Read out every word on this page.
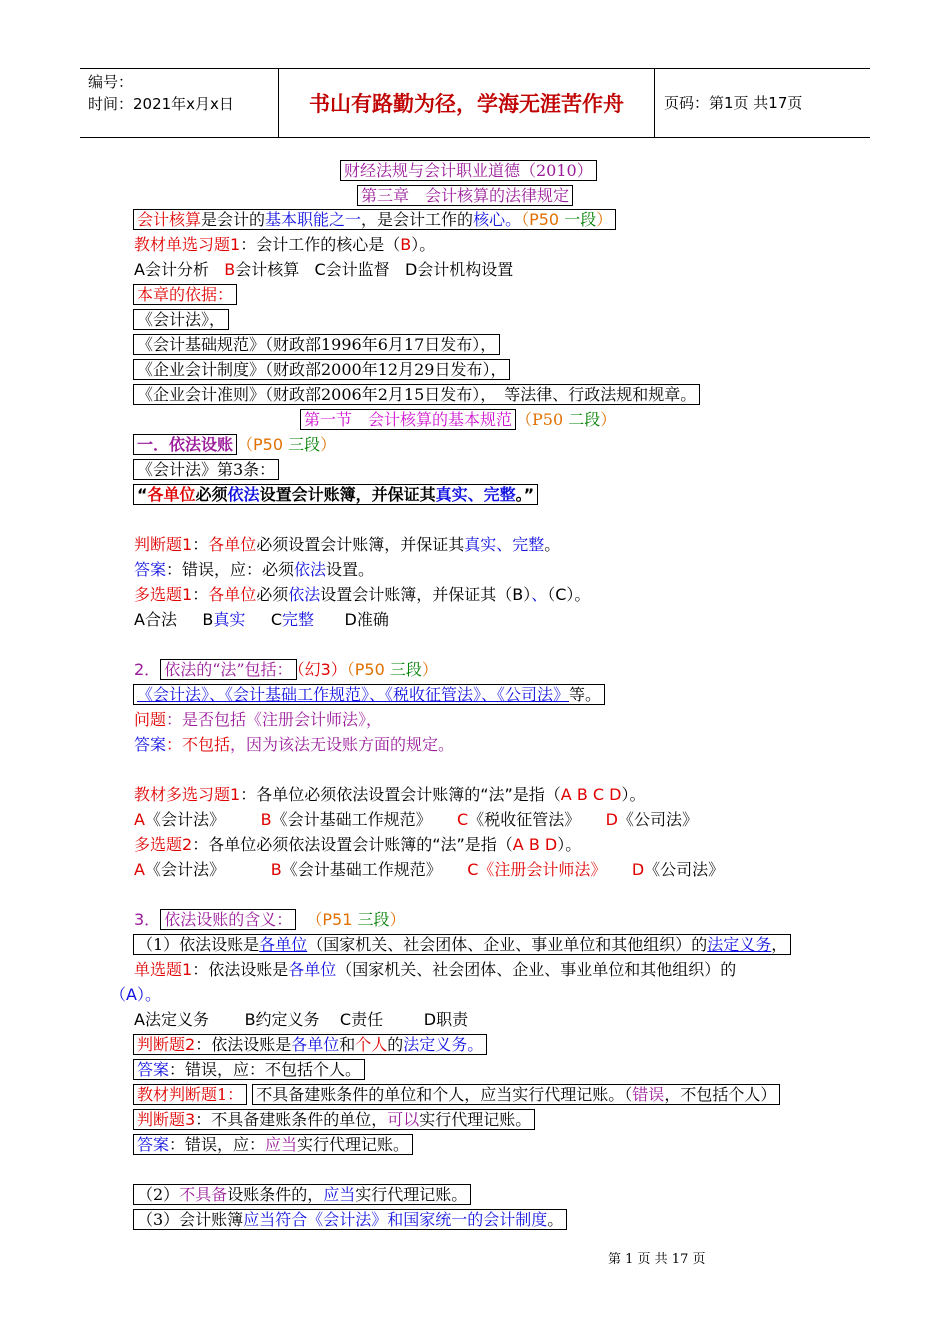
编号：
时间：2021年x月x日	书山有路勤为径，学海无涯苦作舟	页码：第1页 共17页
财经法规与会计职业道德（2010）
第三章　会计核算的法律规定
会计核算是会计的基本职能之一，是会计工作的核心。（P50 一段）
教材单选习题1：会计工作的核心是（B）。
A会计分析 B会计核算 C会计监督 D会计机构设置
本章的依据：
《会计法》，
《会计基础规范》（财政部1996年6月17日发布），
《企业会计制度》（财政部2000年12月29日发布），
《企业会计准则》（财政部2006年2月15日发布），　等法律、行政法规和规章。
第一节　会计核算的基本规范 （P50 二段）
一．依法设账 （P50 三段）
《会计法》第3条：
“各单位必须依法设置会计账簿，并保证其真实、完整。”
判断题1：各单位必须设置会计账簿，并保证其真实、完整。
答案：错误，应：必须依法设置。
多选题1：各单位必须依法设置会计账簿，并保证其（B）、（C）。
A合法 B真实 C完整 D准确
2． 依法的“法”包括： （幻3）（P50 三段）
《会计法》、《会计基础工作规范》、《税收征管法》、《公司法》等。
问题：是否包括《注册会计师法》，
答案：不包括，因为该法无设账方面的规定。
教材多选习题1：各单位必须依法设置会计账簿的“法”是指（A B C D）。
A《会计法》 B《会计基础工作规范》 C《税收征管法》 D《公司法》
多选题2：各单位必须依法设置会计账簿的“法”是指（A B D）。
A《会计法》	B《会计基础工作规范》 C《注册会计师法》 D《公司法》
3． 依法设账的含义： （P51 三段）
（1）依法设账是各单位（国家机关、社会团体、企业、事业单位和其他组织）的法定义务，
单选题1：依法设账是各单位（国家机关、社会团体、企业、事业单位和其他组织）的
（A）。
A法定义务 B约定义务 C责任	D职责
判断题2：依法设账是各单位和个人的法定义务。
答案：错误，应：不包括个人。
教材判断题1： 不具备建账条件的单位和个人，应当实行代理记账。（错误，不包括个人）
判断题3：不具备建账条件的单位，可以实行代理记账。
答案：错误，应：应当实行代理记账。
（2）不具备设账条件的，应当实行代理记账。
（3）会计账簿应当符合《会计法》和国家统一的会计制度。
第 1 页 共 17 页
